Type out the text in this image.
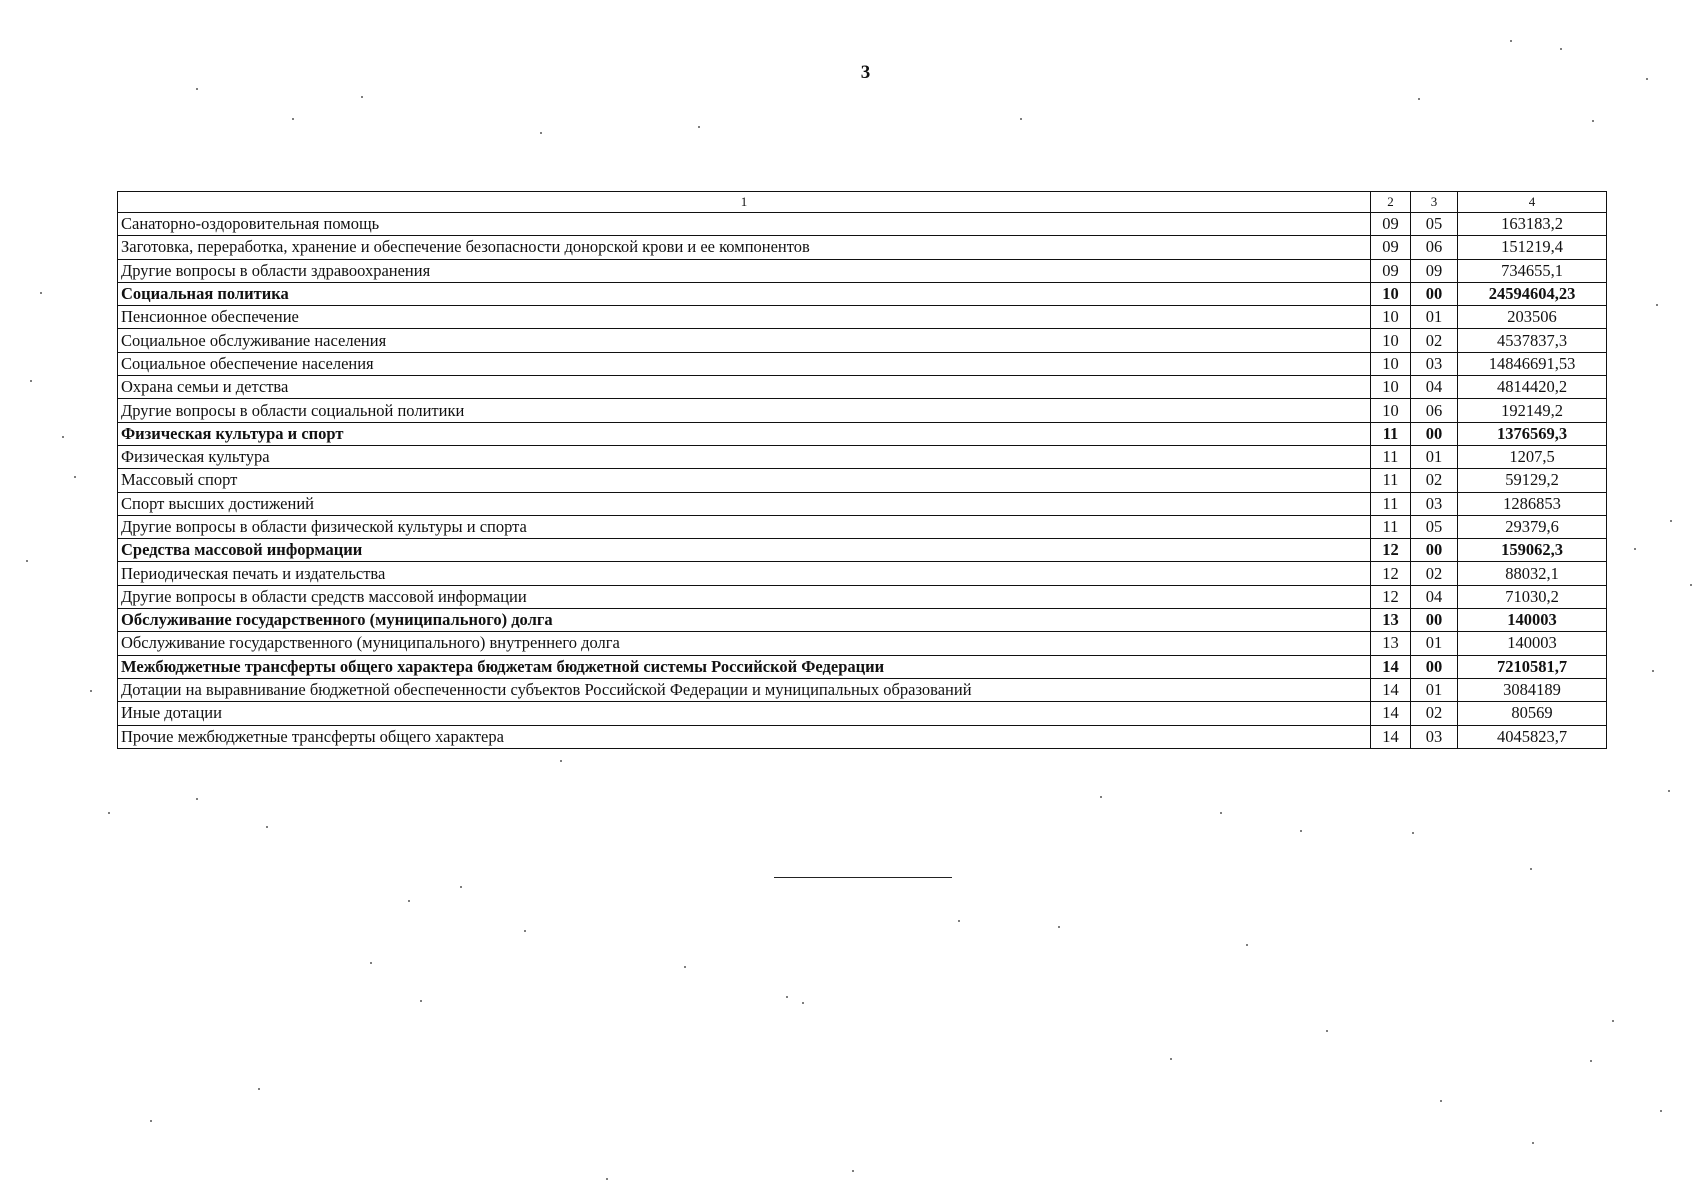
3
1	2	3	4
Санаторно-оздоровительная помощь	09	05	163183,2
Заготовка, переработка, хранение и обеспечение безопасности донорской крови и ее компонентов	09	06	151219,4
Другие вопросы в области здравоохранения	09	09	734655,1
Социальная политика	10	00	24594604,23
Пенсионное обеспечение	10	01	203506
Социальное обслуживание населения	10	02	4537837,3
Социальное обеспечение населения	10	03	14846691,53
Охрана семьи и детства	10	04	4814420,2
Другие вопросы в области социальной политики	10	06	192149,2
Физическая культура и спорт	11	00	1376569,3
Физическая культура	11	01	1207,5
Массовый спорт	11	02	59129,2
Спорт высших достижений	11	03	1286853
Другие вопросы в области физической культуры и спорта	11	05	29379,6
Средства массовой информации	12	00	159062,3
Периодическая печать и издательства	12	02	88032,1
Другие вопросы в области средств массовой информации	12	04	71030,2
Обслуживание государственного (муниципального) долга	13	00	140003
Обслуживание государственного (муниципального) внутреннего долга	13	01	140003
Межбюджетные трансферты общего характера бюджетам бюджетной системы Российской Федерации	14	00	7210581,7
Дотации на выравнивание бюджетной обеспеченности субъектов Российской Федерации и муниципальных образований	14	01	3084189
Иные дотации	14	02	80569
Прочие межбюджетные трансферты общего характера	14	03	4045823,7
